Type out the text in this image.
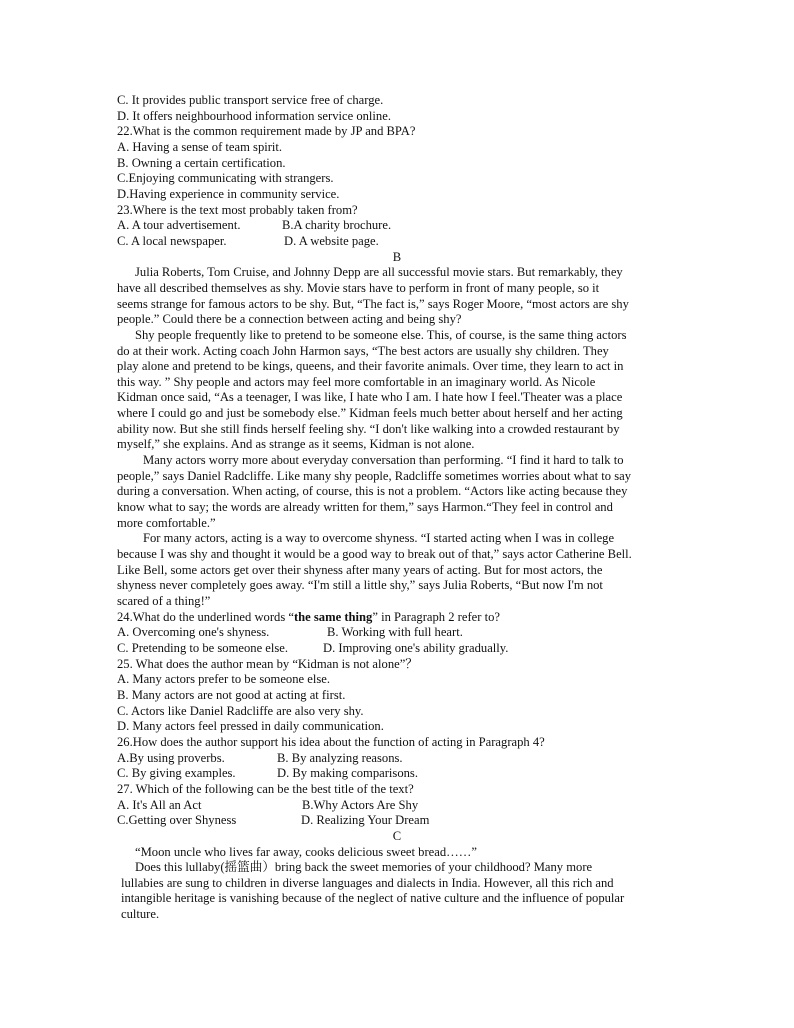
C. It provides public transport service free of charge.
D. It offers neighbourhood information service online.
22.What is the common requirement made by JP and BPA?
A. Having a sense of team spirit.
B. Owning a certain certification.
C.Enjoying communicating with strangers.
D.Having experience in community service.
23.Where is the text most probably taken from?
A. A tour advertisement.	B.A charity brochure.
C. A local newspaper.	D. A website page.
B
Julia Roberts, Tom Cruise, and Johnny Depp are all successful movie stars. But remarkably, they
have all described themselves as shy. Movie stars have to perform in front of many people, so it
seems strange for famous actors to be shy. But, “The fact is,” says Roger Moore, “most actors are shy
people.” Could there be a connection between acting and being shy?
Shy people frequently like to pretend to be someone else. This, of course, is the same thing actors
do at their work. Acting coach John Harmon says, “The best actors are usually shy children. They
play alone and pretend to be kings, queens, and their favorite animals. Over time, they learn to act in
this way. ” Shy people and actors may feel more comfortable in an imaginary world. As Nicole
Kidman once said, “As a teenager, I was like, I hate who I am. I hate how I feel.'Theater was a place
where I could go and just be somebody else.” Kidman feels much better about herself and her acting
ability now. But she still finds herself feeling shy. “I don't like walking into a crowded restaurant by
myself,” she explains. And as strange as it seems, Kidman is not alone.
Many actors worry more about everyday conversation than performing. “I find it hard to talk to
people,” says Daniel Radcliffe. Like many shy people, Radcliffe sometimes worries about what to say
during a conversation. When acting, of course, this is not a problem. “Actors like acting because they
know what to say; the words are already written for them,” says Harmon.“They feel in control and
more comfortable.”
For many actors, acting is a way to overcome shyness. “I started acting when I was in college
because I was shy and thought it would be a good way to break out of that,” says actor Catherine Bell.
Like Bell, some actors get over their shyness after many years of acting. But for most actors, the
shyness never completely goes away. “I'm still a little shy,” says Julia Roberts, “But now I'm not
scared of a thing!”
24.What do the underlined words “the same thing” in Paragraph 2 refer to?
A. Overcoming one's shyness.	B. Working with full heart.
C. Pretending to be someone else.	D. Improving one's ability gradually.
25. What does the author mean by “Kidman is not alone”？
A. Many actors prefer to be someone else.
B. Many actors are not good at acting at first.
C. Actors like Daniel Radcliffe are also very shy.
D. Many actors feel pressed in daily communication.
26.How does the author support his idea about the function of acting in Paragraph 4?
A.By using proverbs.	B. By analyzing reasons.
C. By giving examples.	D. By making comparisons.
27. Which of the following can be the best title of the text?
A. It's All an Act	B.Why Actors Are Shy
C.Getting over Shyness	D. Realizing Your Dream
C
“Moon uncle who lives far away, cooks delicious sweet bread……”
Does this lullaby(摇篮曲）bring back the sweet memories of your childhood? Many more
lullabies are sung to children in diverse languages and dialects in India. However, all this rich and
intangible heritage is vanishing because of the neglect of native culture and the influence of popular
culture.
